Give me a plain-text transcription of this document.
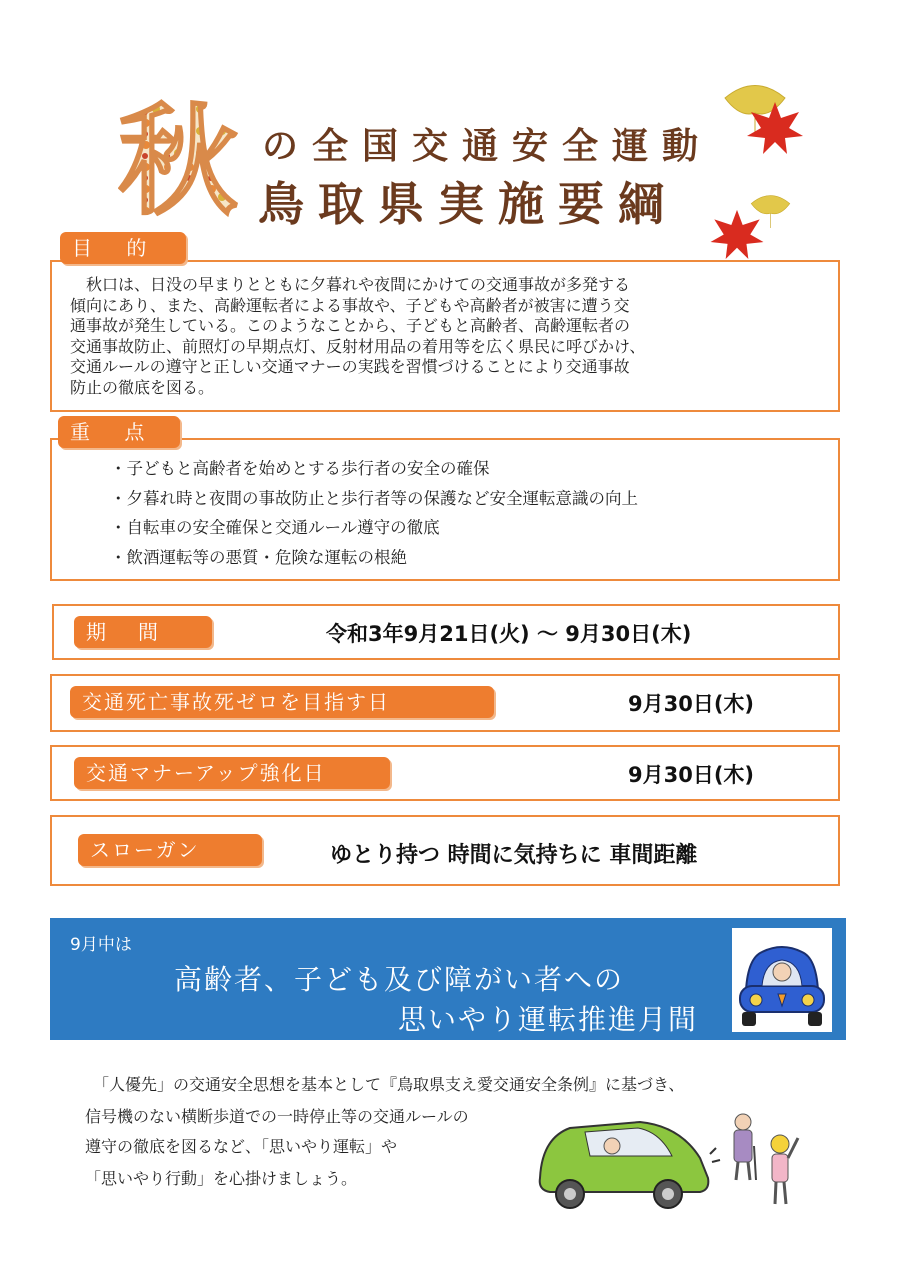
秋 の全国交通安全運動
鳥取県実施要綱
目 的
　秋口は、日没の早まりとともに夕暮れや夜間にかけての交通事故が多発する
傾向にあり、また、高齢運転者による事故や、子どもや高齢者が被害に遭う交
通事故が発生している。このようなことから、子どもと高齢者、高齢運転者の
交通事故防止、前照灯の早期点灯、反射材用品の着用等を広く県民に呼びかけ、
交通ルールの遵守と正しい交通マナーの実践を習慣づけることにより交通事故
防止の徹底を図る。
重 点
・子どもと高齢者を始めとする歩行者の安全の確保
・夕暮れ時と夜間の事故防止と歩行者等の保護など安全運転意識の向上
・自転車の安全確保と交通ルール遵守の徹底
・飲酒運転等の悪質・危険な運転の根絶
期　間	令和3年9月21日(火) ～ 9月30日(木)
交通死亡事故死ゼロを目指す日	9月30日(木)
交通マナーアップ強化日	9月30日(木)
スローガン	ゆとり持つ 時間に気持ちに 車間距離
9月中は
高齢者、子ども及び障がい者への
思いやり運転推進月間
　「人優先」の交通安全思想を基本として『鳥取県支え愛交通安全条例』に基づき、
信号機のない横断歩道での一時停止等の交通ルールの
遵守の徹底を図るなど、「思いやり運転」や
「思いやり行動」を心掛けましょう。
